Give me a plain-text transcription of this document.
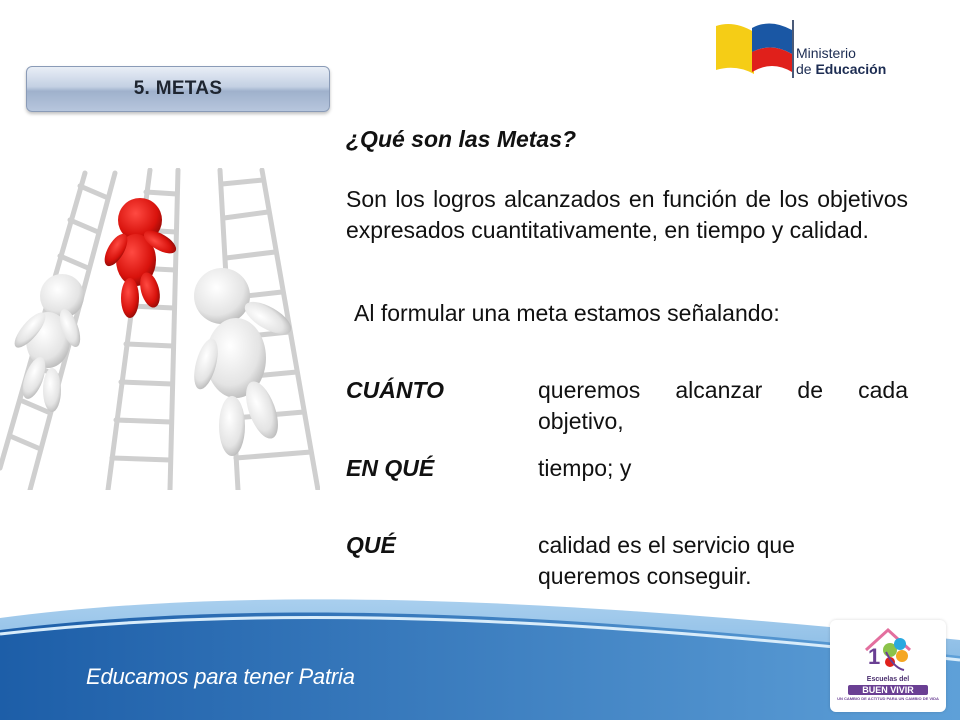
5. METAS
Ministerio
de Educación
¿Qué son las Metas?
Son los logros alcanzados en función de los objetivos expresados cuantitativamente, en tiempo y calidad.
Al formular una meta estamos señalando:
CUÁNTO	queremos alcanzar de cada objetivo,
EN QUÉ	tiempo; y
QUÉ	calidad es el servicio que
queremos conseguir.
Educamos para tener Patria
1
Escuelas del
BUEN VIVIR
UN CAMBIO DE ACTITUD PARA UN CAMBIO DE VIDA
